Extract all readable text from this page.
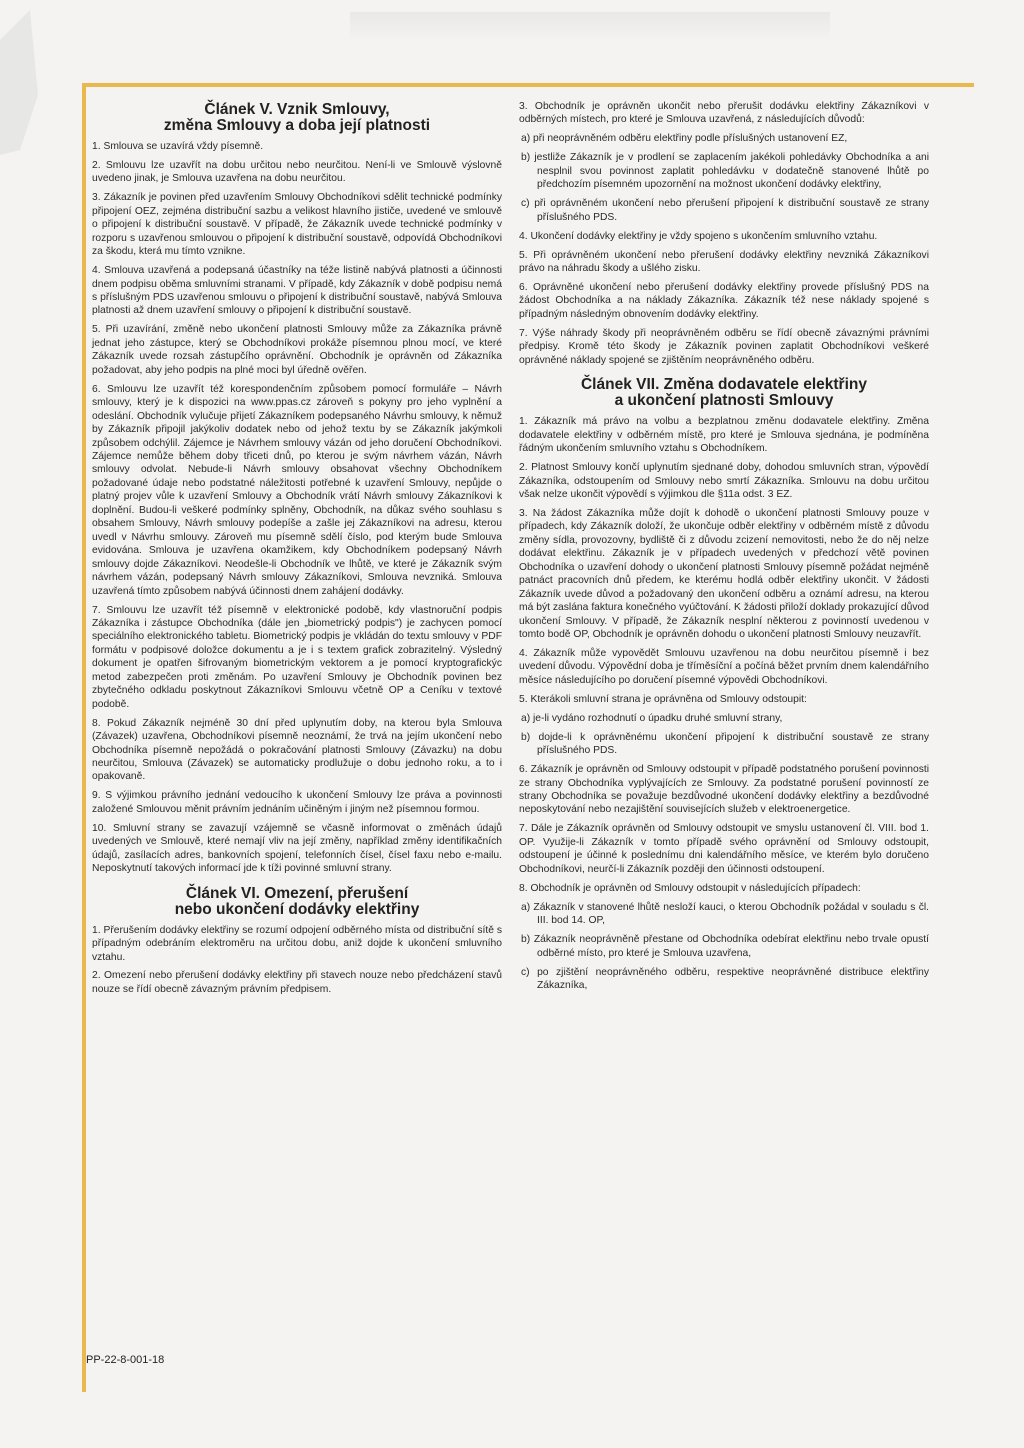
Článek V. Vznik Smlouvy,
změna Smlouvy a doba její platnosti

1. Smlouva se uzavírá vždy písemně.

2. Smlouvu lze uzavřít na dobu určitou nebo neurčitou. Není-li ve Smlouvě výslovně uvedeno jinak, je Smlouva uzavřena na dobu neurčitou.

3. Zákazník je povinen před uzavřením Smlouvy Obchodníkovi sdělit technické podmínky připojení OEZ, zejména distribuční sazbu a velikost hlavního jističe, uvedené ve smlouvě o připojení k distribuční soustavě. V případě, že Zákazník uvede technické podmínky v rozporu s uzavřenou smlouvou o připojení k distribuční soustavě, odpovídá Obchodníkovi za škodu, která mu tímto vznikne.

4. Smlouva uzavřená a podepsaná účastníky na téže listině nabývá platnosti a účinnosti dnem podpisu oběma smluvními stranami. V případě, kdy Zákazník v době podpisu nemá s příslušným PDS uzavřenou smlouvu o připojení k distribuční soustavě, nabývá Smlouva platnosti až dnem uzavření smlouvy o připojení k distribuční soustavě.

5. Při uzavírání, změně nebo ukončení platnosti Smlouvy může za Zákazníka právně jednat jeho zástupce, který se Obchodníkovi prokáže písemnou plnou mocí, ve které Zákazník uvede rozsah zástupčího oprávnění. Obchodník je oprávněn od Zákazníka požadovat, aby jeho podpis na plné moci byl úředně ověřen.

6. Smlouvu lze uzavřít též korespondenčním způsobem pomocí formuláře – Návrh smlouvy, který je k dispozici na www.ppas.cz zároveň s pokyny pro jeho vyplnění a odeslání. Obchodník vylučuje přijetí Zákazníkem podepsaného Návrhu smlouvy, k němuž by Zákazník připojil jakýkoliv dodatek nebo od jehož textu by se Zákazník jakýmkoli způsobem odchýlil. Zájemce je Návrhem smlouvy vázán od jeho doručení Obchodníkovi. Zájemce nemůže během doby třiceti dnů, po kterou je svým návrhem vázán, Návrh smlouvy odvolat. Nebude-li Návrh smlouvy obsahovat všechny Obchodníkem požadované údaje nebo podstatné náležitosti potřebné k uzavření Smlouvy, nepůjde o platný projev vůle k uzavření Smlouvy a Obchodník vrátí Návrh smlouvy Zákazníkovi k doplnění. Budou-li veškeré podmínky splněny, Obchodník, na důkaz svého souhlasu s obsahem Smlouvy, Návrh smlouvy podepíše a zašle jej Zákazníkovi na adresu, kterou uvedl v Návrhu smlouvy. Zároveň mu písemně sdělí číslo, pod kterým bude Smlouva evidována. Smlouva je uzavřena okamžikem, kdy Obchodníkem podepsaný Návrh smlouvy dojde Zákazníkovi. Neodešle-li Obchodník ve lhůtě, ve které je Zákazník svým návrhem vázán, podepsaný Návrh smlouvy Zákazníkovi, Smlouva nevzniká. Smlouva uzavřená tímto způsobem nabývá účinnosti dnem zahájení dodávky.

7. Smlouvu lze uzavřít též písemně v elektronické podobě, kdy vlastnoruční podpis Zákazníka i zástupce Obchodníka (dále jen „biometrický podpis") je zachycen pomocí speciálního elektronického tabletu. Biometrický podpis je vkládán do textu smlouvy v PDF formátu v podpisové doložce dokumentu a je i s textem grafick zobrazitelný. Výsledný dokument je opatřen šifrovaným biometrickým vektorem a je pomocí kryptografickýc metod zabezpečen proti změnám. Po uzavření Smlouvy je Obchodník povinen bez zbytečného odkladu poskytnout Zákazníkovi Smlouvu včetně OP a Ceníku v textové podobě.

8. Pokud Zákazník nejméně 30 dní před uplynutím doby, na kterou byla Smlouva (Závazek) uzavřena, Obchodníkovi písemně neoznámí, že trvá na jejím ukončení nebo Obchodníka písemně nepožádá o pokračování platnosti Smlouvy (Závazku) na dobu neurčitou, Smlouva (Závazek) se automaticky prodlužuje o dobu jednoho roku, a to i opakovaně.

9. S výjimkou právního jednání vedoucího k ukončení Smlouvy lze práva a povinnosti založené Smlouvou měnit právním jednáním učiněným i jiným než písemnou formou.

10. Smluvní strany se zavazují vzájemně se včasně informovat o změnách údajů uvedených ve Smlouvě, které nemají vliv na její změny, například změny identifikačních údajů, zasílacích adres, bankovních spojení, telefonních čísel, čísel faxu nebo e-mailu. Neposkytnutí takových informací jde k tíži povinné smluvní strany.

Článek VI. Omezení, přerušení
nebo ukončení dodávky elektřiny

1. Přerušením dodávky elektřiny se rozumí odpojení odběrného místa od distribuční sítě s případným odebráním elektroměru na určitou dobu, aniž dojde k ukončení smluvního vztahu.

2. Omezení nebo přerušení dodávky elektřiny při stavech nouze nebo předcházení stavů nouze se řídí obecně závazným právním předpisem.

3. Obchodník je oprávněn ukončit nebo přerušit dodávku elektřiny Zákazníkovi v odběrných místech, pro které je Smlouva uzavřená, z následujících důvodů:

a) při neoprávněném odběru elektřiny podle příslušných ustanovení EZ,

b) jestliže Zákazník je v prodlení se zaplacením jakékoli pohledávky Obchodníka a ani nesplnil svou povinnost zaplatit pohledávku v dodatečně stanovené lhůtě po předchozím písemném upozornění na možnost ukončení dodávky elektřiny,

c) při oprávněném ukončení nebo přerušení připojení k distribuční soustavě ze strany příslušného PDS.

4. Ukončení dodávky elektřiny je vždy spojeno s ukončením smluvního vztahu.

5. Při oprávněném ukončení nebo přerušení dodávky elektřiny nevzniká Zákazníkovi právo na náhradu škody a ušlého zisku.

6. Oprávněné ukončení nebo přerušení dodávky elektřiny provede příslušný PDS na žádost Obchodníka a na náklady Zákazníka. Zákazník též nese náklady spojené s případným následným obnovením dodávky elektřiny.

7. Výše náhrady škody při neoprávněném odběru se řídí obecně závaznými právními předpisy. Kromě této škody je Zákazník povinen zaplatit Obchodníkovi veškeré oprávněné náklady spojené se zjištěním neoprávněného odběru.

Článek VII. Změna dodavatele elektřiny
a ukončení platnosti Smlouvy

1. Zákazník má právo na volbu a bezplatnou změnu dodavatele elektřiny. Změna dodavatele elektřiny v odběrném místě, pro které je Smlouva sjednána, je podmíněna řádným ukončením smluvního vztahu s Obchodníkem.

2. Platnost Smlouvy končí uplynutím sjednané doby, dohodou smluvních stran, výpovědí Zákazníka, odstoupením od Smlouvy nebo smrtí Zákazníka. Smlouvu na dobu určitou však nelze ukončit výpovědí s výjimkou dle §11a odst. 3 EZ.

3. Na žádost Zákazníka může dojít k dohodě o ukončení platnosti Smlouvy pouze v případech, kdy Zákazník doloží, že ukončuje odběr elektřiny v odběrném místě z důvodu změny sídla, provozovny, bydliště či z důvodu zcizení nemovitosti, nebo že do něj nelze dodávat elektřinu. Zákazník je v případech uvedených v předchozí větě povinen Obchodníka o uzavření dohody o ukončení platnosti Smlouvy písemně požádat nejméně patnáct pracovních dnů předem, ke kterému hodlá odběr elektřiny ukončit. V žádosti Zákazník uvede důvod a požadovaný den ukončení odběru a oznámí adresu, na kterou má být zaslána faktura konečného vyúčtování. K žádosti přiloží doklady prokazující důvod ukončení Smlouvy. V případě, že Zákazník nesplní některou z povinností uvedenou v tomto bodě OP, Obchodník je oprávněn dohodu o ukončení platnosti Smlouvy neuzavřít.

4. Zákazník může vypovědět Smlouvu uzavřenou na dobu neurčitou písemně i bez uvedení důvodu. Výpovědní doba je tříměsíční a počíná běžet prvním dnem kalendářního měsíce následujícího po doručení písemné výpovědi Obchodníkovi.

5. Kterákoli smluvní strana je oprávněna od Smlouvy odstoupit:

a) je-li vydáno rozhodnutí o úpadku druhé smluvní strany,

b) dojde-li k oprávněnému ukončení připojení k distribuční soustavě ze strany příslušného PDS.

6. Zákazník je oprávněn od Smlouvy odstoupit v případě podstatného porušení povinnosti ze strany Obchodníka vyplývajících ze Smlouvy. Za podstatné porušení povinností ze strany Obchodníka se považuje bezdůvodné ukončení dodávky elektřiny a bezdůvodné neposkytování nebo nezajištění souvisejících služeb v elektroenergetice.

7. Dále je Zákazník oprávněn od Smlouvy odstoupit ve smyslu ustanovení čl. VIII. bod 1. OP. Využije-li Zákazník v tomto případě svého oprávnění od Smlouvy odstoupit, odstoupení je účinné k poslednímu dni kalendářního měsíce, ve kterém bylo doručeno Obchodníkovi, neurčí-li Zákazník později den účinnosti odstoupení.

8. Obchodník je oprávněn od Smlouvy odstoupit v následujících případech:

a) Zákazník v stanovené lhůtě nesloží kauci, o kterou Obchodník požádal v souladu s čl. III. bod 14. OP,

b) Zákazník neoprávněně přestane od Obchodníka odebírat elektřinu nebo trvale opustí odběrné místo, pro které je Smlouva uzavřena,

c) po zjištění neoprávněného odběru, respektive neoprávněné distribuce elektřiny Zákazníka,

PP-22-8-001-18
